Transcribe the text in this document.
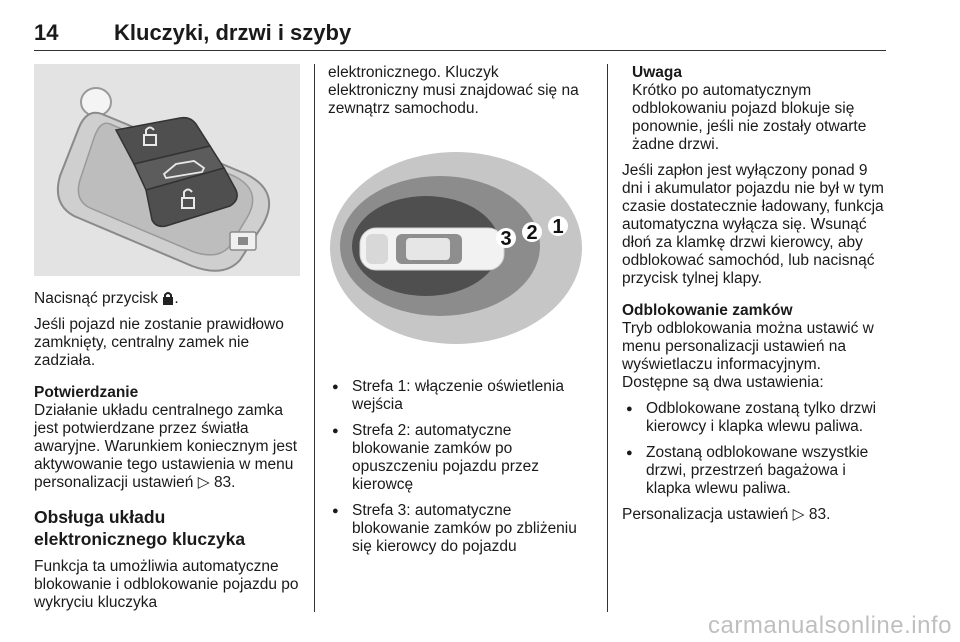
14	Kluczyki, drzwi i szyby

Nacisnąć przycisk .

Jeśli pojazd nie zostanie prawidłowo zamknięty, centralny zamek nie zadziała.

Potwierdzanie

Działanie układu centralnego zamka jest potwierdzane przez światła awaryjne. Warunkiem koniecznym jest aktywowanie tego ustawienia w menu personalizacji ustawień ▷ 83.

Obsługa układu elektronicznego kluczyka

Funkcja ta umożliwia automatyczne blokowanie i odblokowanie pojazdu po wykryciu kluczyka

elektronicznego. Kluczyk elektroniczny musi znajdować się na zewnątrz samochodu.

3 2 1
● Strefa 1: włączenie oświetlenia wejścia
● Strefa 2: automatyczne blokowanie zamków po opuszczeniu pojazdu przez kierowcę
● Strefa 3: automatyczne blokowanie zamków po zbliżeniu się kierowcy do pojazdu
Uwaga
Krótko po automatycznym odblokowaniu pojazd blokuje się ponownie, jeśli nie zostały otwarte żadne drzwi.

Jeśli zapłon jest wyłączony ponad 9 dni i akumulator pojazdu nie był w tym czasie dostatecznie ładowany, funkcja automatyczna wyłącza się. Wsunąć dłoń za klamkę drzwi kierowcy, aby odblokować samochód, lub nacisnąć przycisk tylnej klapy.

Odblokowanie zamków

Tryb odblokowania można ustawić w menu personalizacji ustawień na wyświetlaczu informacyjnym. Dostępne są dwa ustawienia:

● Odblokowane zostaną tylko drzwi kierowcy i klapka wlewu paliwa.
● Zostaną odblokowane wszystkie drzwi, przestrzeń bagażowa i klapka wlewu paliwa.

Personalizacja ustawień ▷ 83.

carmanualsonline.info
